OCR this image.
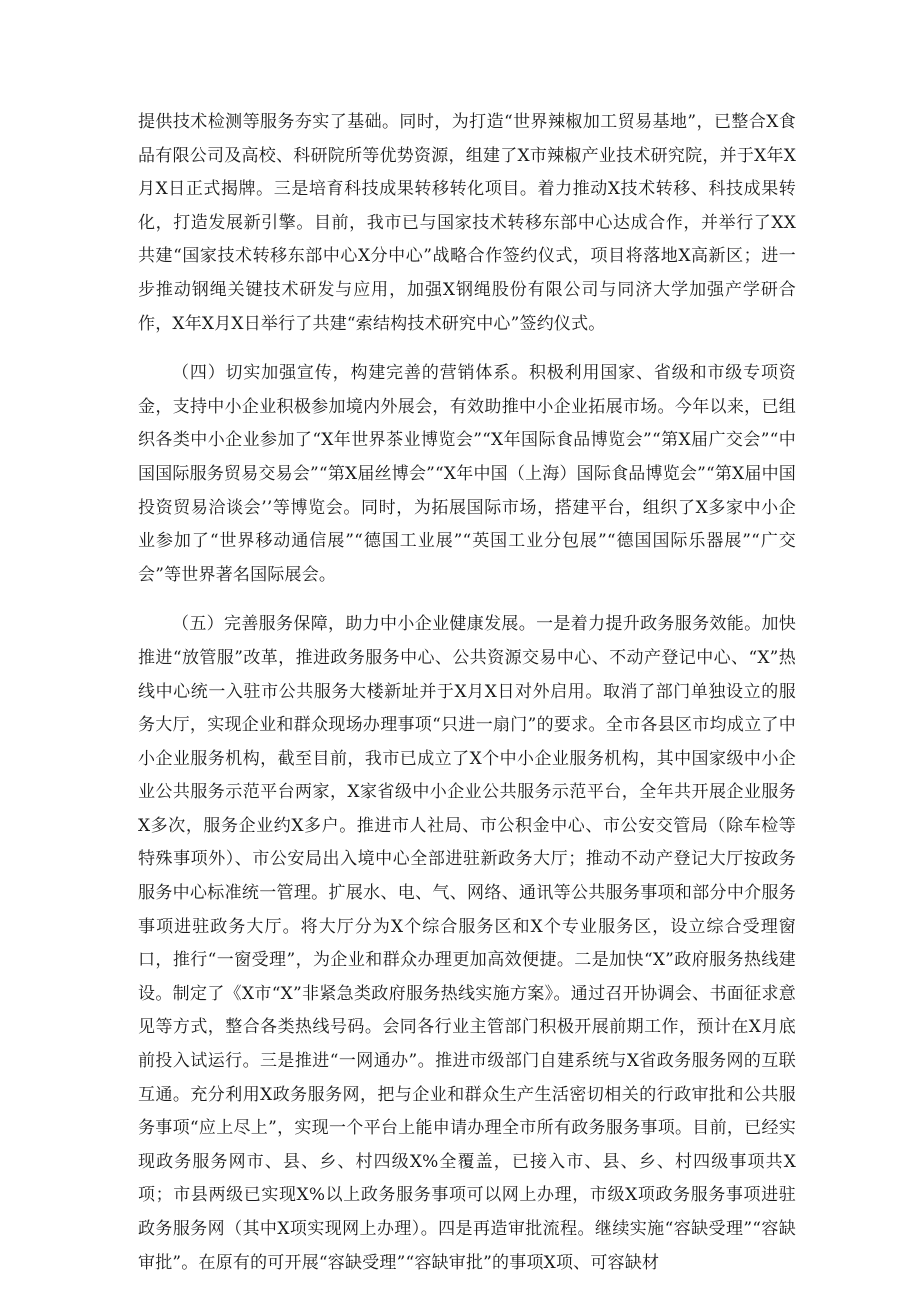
提供技术检测等服务夯实了基础。同时，为打造“世界辣椒加工贸易基地”，已整合X食品有限公司及高校、科研院所等优势资源，组建了X市辣椒产业技术研究院，并于X年X月X日正式揭牌。三是培育科技成果转移转化项目。着力推动X技术转移、科技成果转化，打造发展新引擎。目前，我市已与国家技术转移东部中心达成合作，并举行了XX共建“国家技术转移东部中心X分中心”战略合作签约仪式，项目将落地X高新区；进一步推动钢绳关键技术研发与应用，加强X钢绳股份有限公司与同济大学加强产学研合作，X年X月X日举行了共建“索结构技术研究中心”签约仪式。

（四）切实加强宣传，构建完善的营销体系。积极利用国家、省级和市级专项资金，支持中小企业积极参加境内外展会，有效助推中小企业拓展市场。今年以来，已组织各类中小企业参加了“X年世界茶业博览会”“X年国际食品博览会”“第X届广交会”“中国国际服务贸易交易会”“第X届丝博会”“X年中国（上海）国际食品博览会”“第X届中国投资贸易洽谈会’’等博览会。同时，为拓展国际市场，搭建平台，组织了X多家中小企业参加了“世界移动通信展”“德国工业展”“英国工业分包展”“德国国际乐器展”“广交会”等世界著名国际展会。

（五）完善服务保障，助力中小企业健康发展。一是着力提升政务服务效能。加快推进“放管服”改革，推进政务服务中心、公共资源交易中心、不动产登记中心、“X”热线中心统一入驻市公共服务大楼新址并于X月X日对外启用。取消了部门单独设立的服务大厅，实现企业和群众现场办理事项“只进一扇门”的要求。全市各县区市均成立了中小企业服务机构，截至目前，我市已成立了X个中小企业服务机构，其中国家级中小企业公共服务示范平台两家，X家省级中小企业公共服务示范平台，全年共开展企业服务X多次，服务企业约X多户。推进市人社局、市公积金中心、市公安交管局（除车检等特殊事项外）、市公安局出入境中心全部进驻新政务大厅；推动不动产登记大厅按政务服务中心标准统一管理。扩展水、电、气、网络、通讯等公共服务事项和部分中介服务事项进驻政务大厅。将大厅分为X个综合服务区和X个专业服务区，设立综合受理窗口，推行“一窗受理”，为企业和群众办理更加高效便捷。二是加快“X”政府服务热线建设。制定了《X市“X”非紧急类政府服务热线实施方案》。通过召开协调会、书面征求意见等方式，整合各类热线号码。会同各行业主管部门积极开展前期工作，预计在X月底前投入试运行。三是推进“一网通办”。推进市级部门自建系统与X省政务服务网的互联互通。充分利用X政务服务网，把与企业和群众生产生活密切相关的行政审批和公共服务事项“应上尽上”，实现一个平台上能申请办理全市所有政务服务事项。目前，已经实现政务服务网市、县、乡、村四级X%全覆盖，已接入市、县、乡、村四级事项共X项；市县两级已实现X%以上政务服务事项可以网上办理，市级X项政务服务事项进驻政务服务网（其中X项实现网上办理）。四是再造审批流程。继续实施“容缺受理”“容缺审批”。在原有的可开展“容缺受理”“容缺审批”的事项X项、可容缺材
